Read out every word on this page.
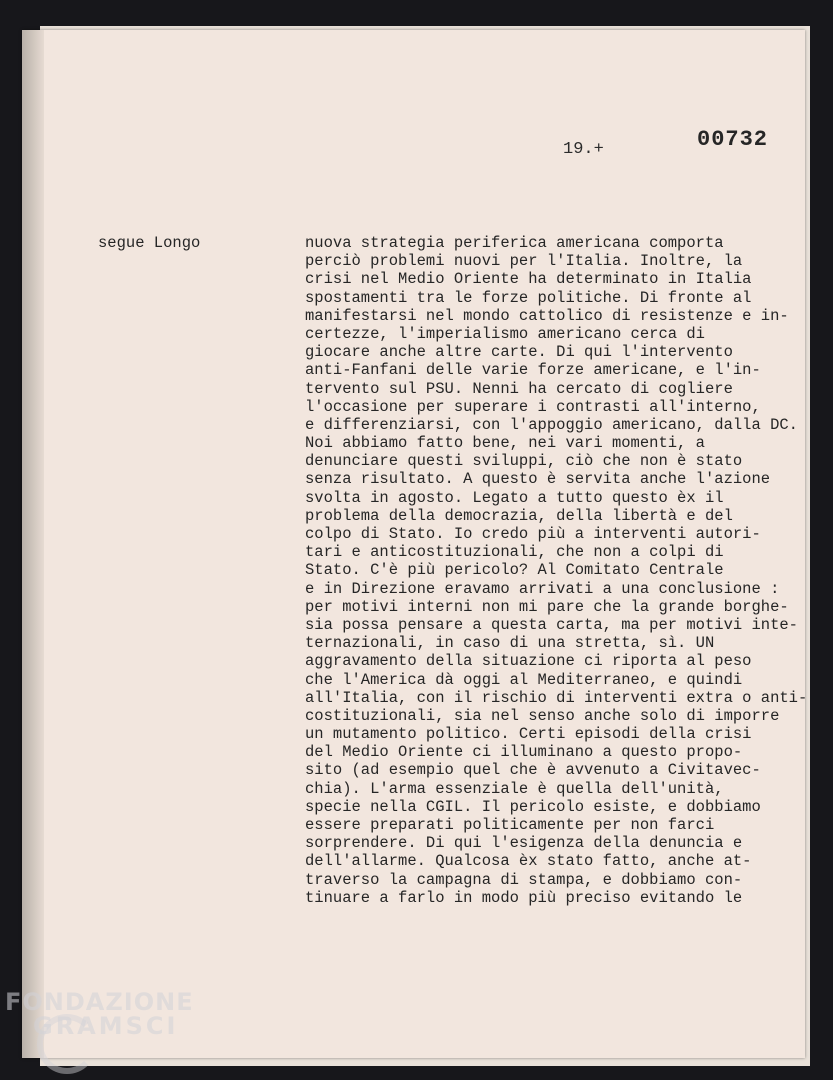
19.+	00732
segue Longo	nuova strategia periferica americana comporta
perciò problemi nuovi per l'Italia. Inoltre, la
crisi nel Medio Oriente ha determinato in Italia
spostamenti tra le forze politiche. Di fronte al
manifestarsi nel mondo cattolico di resistenze e in-
certezze, l'imperialismo americano cerca di
giocare anche altre carte. Di qui l'intervento
anti-Fanfani delle varie forze americane, e l'in-
tervento sul PSU. Nenni ha cercato di cogliere
l'occasione per superare i contrasti all'interno,
e differenziarsi, con l'appoggio americano, dalla DC.
Noi abbiamo fatto bene, nei vari momenti, a
denunciare questi sviluppi, ciò che non è stato
senza risultato. A questo è servita anche l'azione
svolta in agosto. Legato a tutto questo èx il
problema della democrazia, della libertà e del
colpo di Stato. Io credo più a interventi autori-
tari e anticostituzionali, che non a colpi di
Stato. C'è più pericolo? Al Comitato Centrale
e in Direzione eravamo arrivati a una conclusione :
per motivi interni non mi pare che la grande borghe-
sia possa pensare a questa carta, ma per motivi inte-
ternazionali, in caso di una stretta, sì. UN
aggravamento della situazione ci riporta al peso
che l'America dà oggi al Mediterraneo, e quindi
all'Italia, con il rischio di interventi extra o anti-
costituzionali, sia nel senso anche solo di imporre
un mutamento politico. Certi episodi della crisi
del Medio Oriente ci illuminano a questo propo-
sito (ad esempio quel che è avvenuto a Civitavec-
chia). L'arma essenziale è quella dell'unità,
specie nella CGIL. Il pericolo esiste, e dobbiamo
essere preparati politicamente per non farci
sorprendere. Di qui l'esigenza della denuncia e
dell'allarme. Qualcosa èx stato fatto, anche at-
traverso la campagna di stampa, e dobbiamo con-
tinuare a farlo in modo più preciso evitando le
FONDAZIONE
GRAMSCI
